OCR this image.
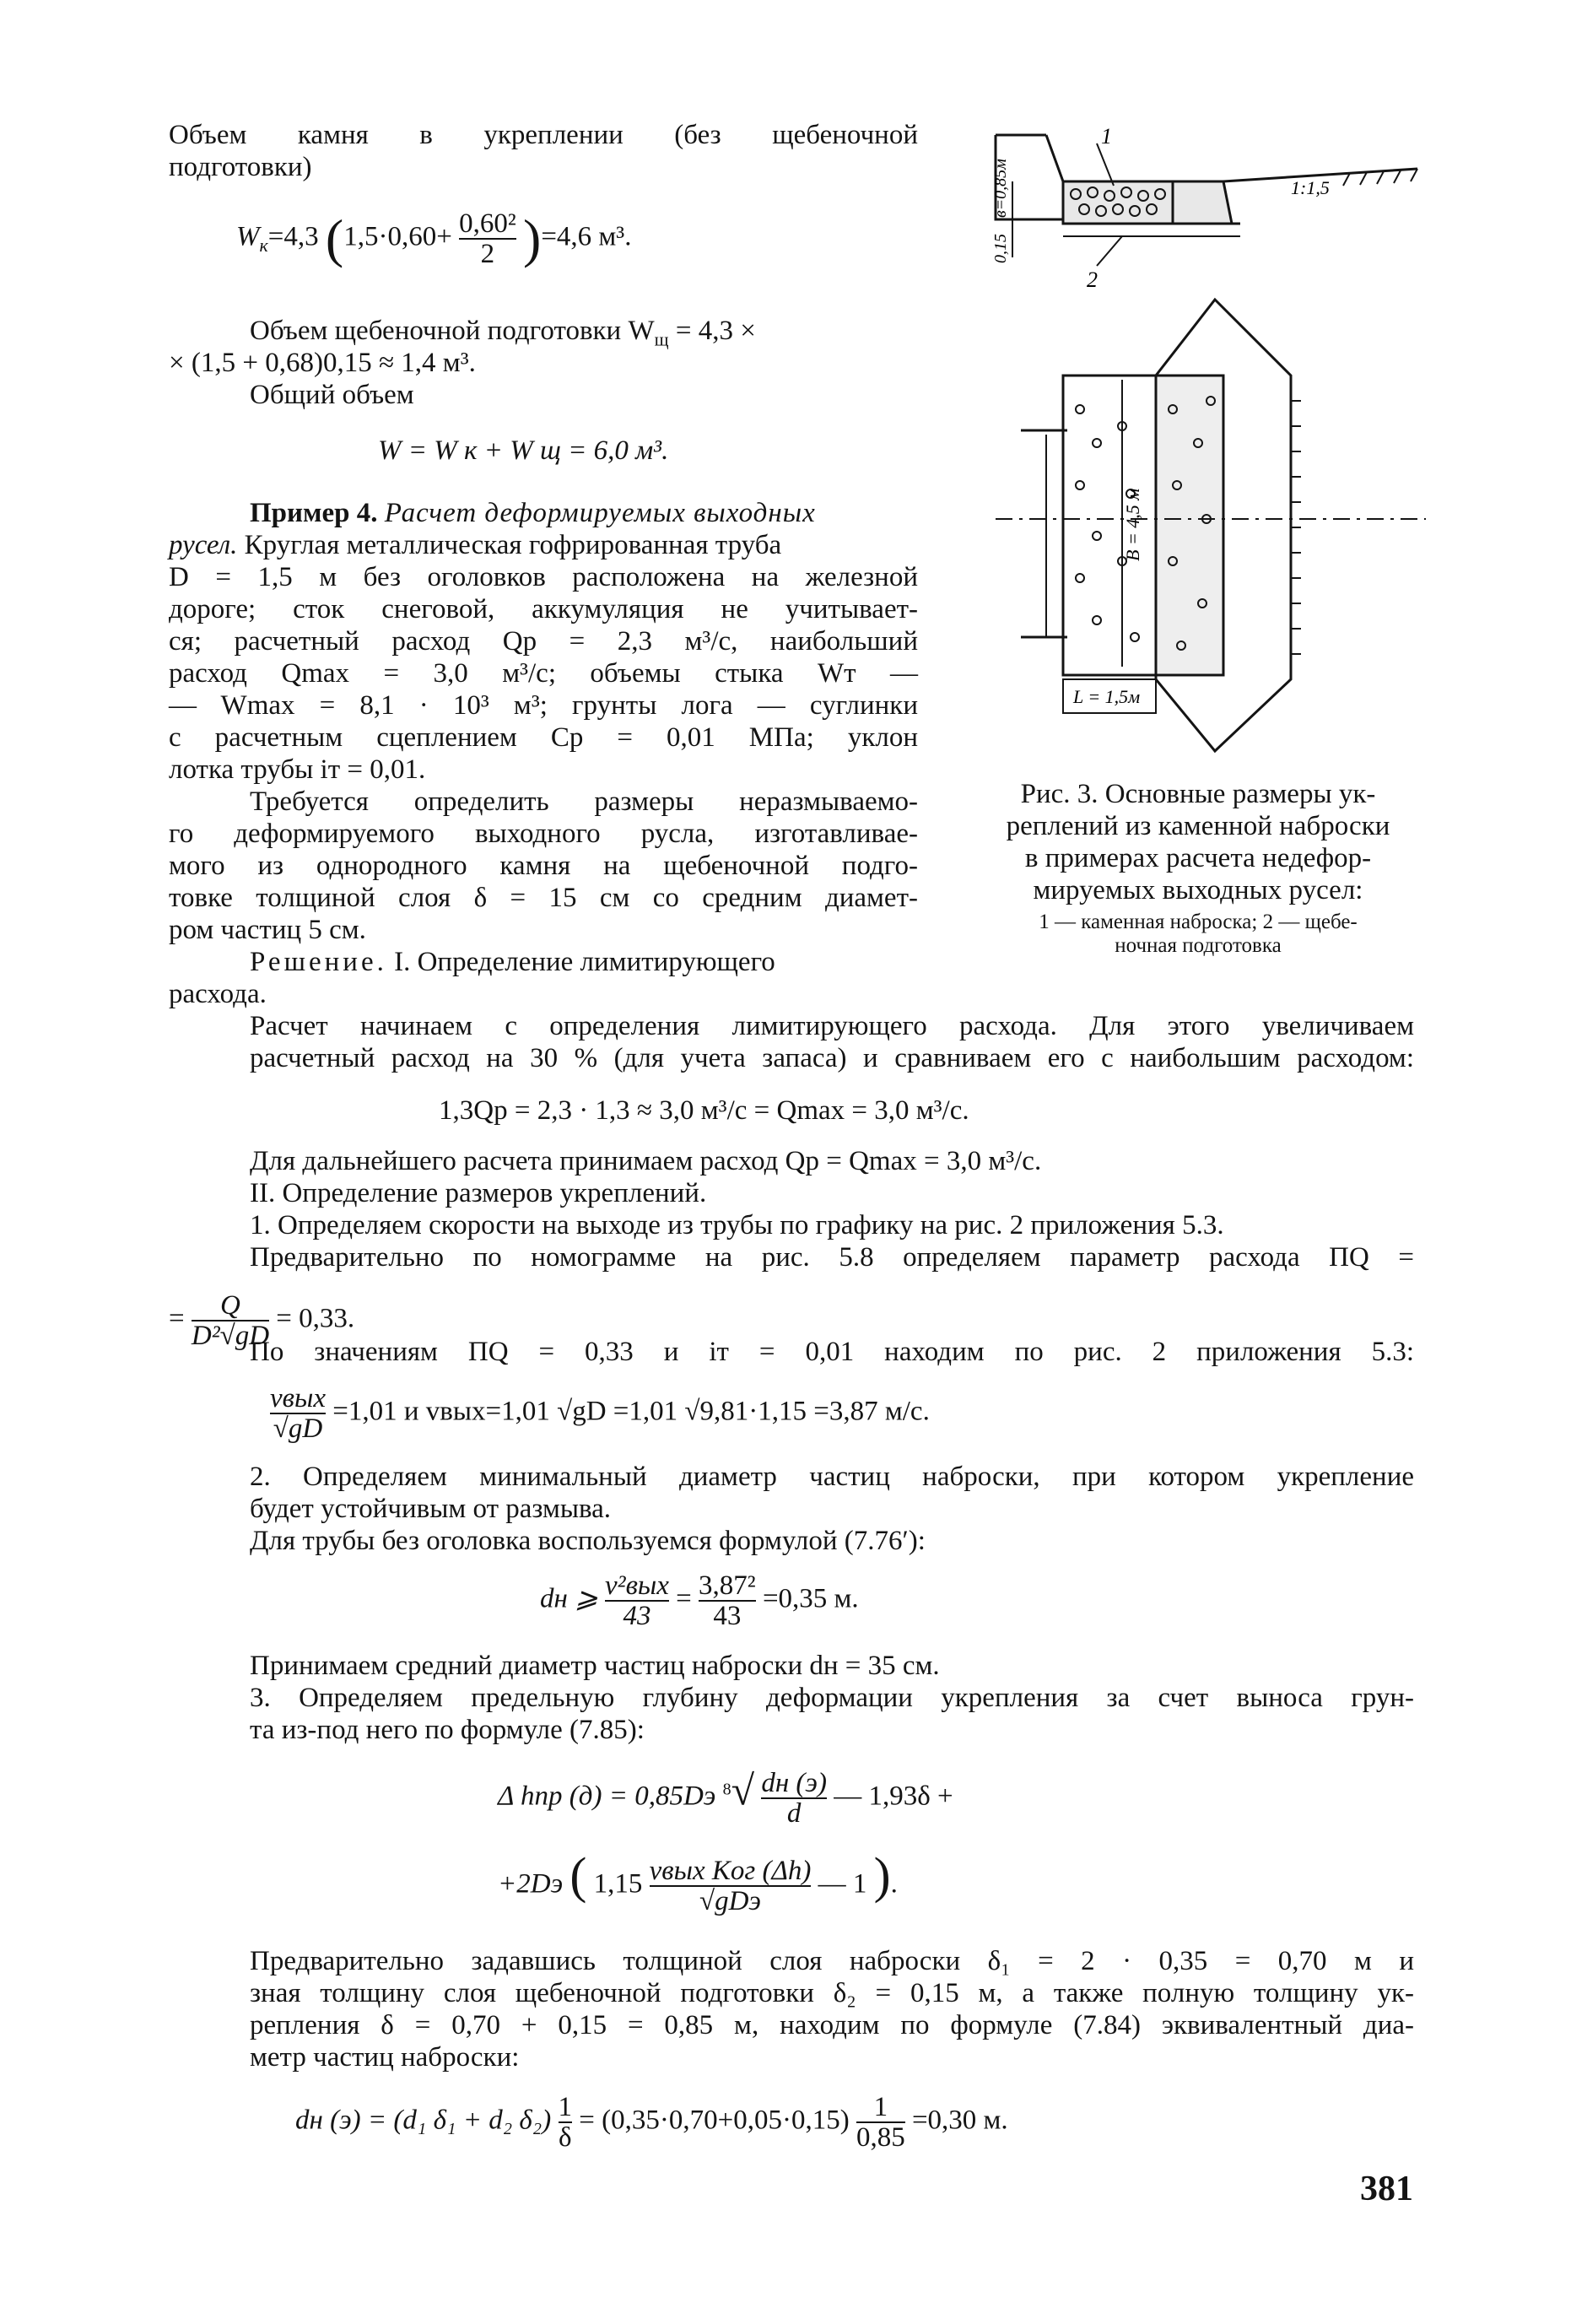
Объем камня в укреплении (без щебеночной
подготовки)
$W_к=4,3$ $(1,5\cdot 0,60+ \frac{\text{0,60²}}{2} )=4,6$ м³.
Объем щебеночной подготовки $W_щ = 4,3$ ×
× (1,5 + 0,68)0,15 ≈ 1,4 м³.
Общий объем
W = W к + W щ = 6,0 м³.
Пример 4. Расчет деформируемых выходных
русел. Круглая металлическая гофрированная труба
D = 1,5 м без оголовков расположена на железной
дороге; сток снеговой, аккумуляция не учитывает-
ся; расчетный расход Qр = 2,3 м³/с, наибольший
расход Qmax = 3,0 м³/с; объемы стыка Wт —
— Wmax = 8,1 · 10³ м³; грунты лога — суглинки
с расчетным сцеплением Cр = 0,01 МПа; уклон
лотка трубы iт = 0,01.
Требуется определить размеры неразмываемо-
го деформируемого выходного русла, изготавливае-
мого из однородного камня на щебеночной подго-
товке толщиной слоя δ = 15 см со средним диамет-
ром частиц 5 см.
Решение. I. Определение лимитирующего
расхода.
1
2
1:1,5
в=0,85м
0,15
B = 4,5 м
L = 1,5м
Рис. 3. Основные размеры ук-
реплений из каменной наброски
в примерах расчета недефор-
мируемых выходных русел:
1 — каменная наброска; 2 — щебе-
ночная подготовка
Расчет начинаем с определения лимитирующего расхода. Для этого увеличиваем
расчетный расход на 30 % (для учета запаса) и сравниваем его с наибольшим расходом:
1,3Qр = 2,3 · 1,3 ≈ 3,0 м³/с = Qmax = 3,0 м³/с.
Для дальнейшего расчета принимаем расход Qр = Qmax = 3,0 м³/с.
II. Определение размеров укреплений.
1. Определяем скорости на выходе из трубы по графику на рис. 2 приложения 5.3.
Предварительно по номограмме на рис. 5.8 определяем параметр расхода ΠQ =
= $\frac{Q}{\text{D²√gD}} = 0,33$.
По значениям ΠQ = 0,33 и iт = 0,01 находим по рис. 2 приложения 5.3:
$\frac{\text{vвых}}{√gD} =1,01$ и vвых=1,01 √gD =1,01 √9,81·1,15 =3,87 м/с.
2. Определяем минимальный диаметр частиц наброски, при котором укрепление
будет устойчивым от размыва.
Для трубы без оголовка воспользуемся формулой (7.76′):
dн ⩾ $\frac{\text{v²вых}}{43} = \frac{\text{3,87²}}{43} =0,35$ м.
Принимаем средний диаметр частиц наброски dн = 35 см.
3. Определяем предельную глубину деформации укрепления за счет выноса грун-
та из-под него по формуле (7.85):
Δ hпр (д) = 0,85Dэ $^8√ \frac{dн (э)}{d}$ — 1,93δ +
+2Dэ ( $1,15 \frac{\text{vвых Kог (Δh)}}{\text{√gDэ}}$ — 1 ).
Предварительно задавшись толщиной слоя наброски δ₁ = 2 · 0,35 = 0,70 м и
зная толщину слоя щебеночной подготовки δ₂ = 0,15 м, а также полную толщину ук-
репления δ = 0,70 + 0,15 = 0,85 м, находим по формуле (7.84) эквивалентный диа-
метр частиц наброски:
dн (э) = (d₁ δ₁ + d₂ $\delta_2) \frac{1}{\delta} = (0,35\cdot 0,70+0,05\cdot 0,15) \frac{1}{0,85} =0,30$ м.
381
